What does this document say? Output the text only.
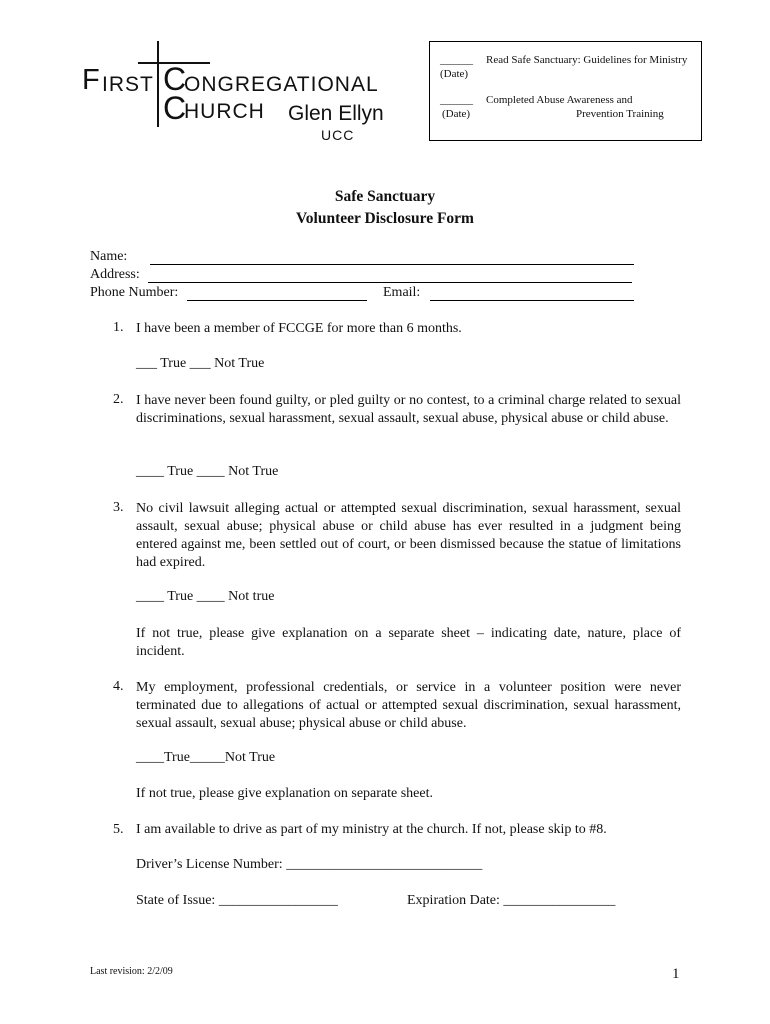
F IRST C
ONGREGATIONAL
C
HURCH Glen Ellyn
UCC
______ Read Safe Sanctuary: Guidelines for Ministry
(Date)
______ Completed Abuse Awareness and
(Date)	Prevention Training
Safe Sanctuary
Volunteer Disclosure Form
Name:
Address:
Phone Number:	Email:
1. I have been a member of FCCGE for more than 6 months.
___ True ___ Not True
2. I have never been found guilty, or pled guilty or no contest, to a criminal charge related to sexual discriminations, sexual harassment, sexual assault, sexual abuse, physical abuse or child abuse.
____ True ____ Not True
3. No civil lawsuit alleging actual or attempted sexual discrimination, sexual harassment, sexual assault, sexual abuse; physical abuse or child abuse has ever resulted in a judgment being entered against me, been settled out of court, or been dismissed because the statue of limitations had expired.
____ True ____ Not true
If not true, please give explanation on a separate sheet – indicating date, nature, place of incident.
4. My employment, professional credentials, or service in a volunteer position were never terminated due to allegations of actual or attempted sexual discrimination, sexual harassment, sexual assault, sexual abuse; physical abuse or child abuse.
____True_____Not True
If not true, please give explanation on separate sheet.
5. I am available to drive as part of my ministry at the church. If not, please skip to #8.
Driver’s License Number: ____________________________
State of Issue: _________________	Expiration Date: ________________
Last revision: 2/2/09	1
